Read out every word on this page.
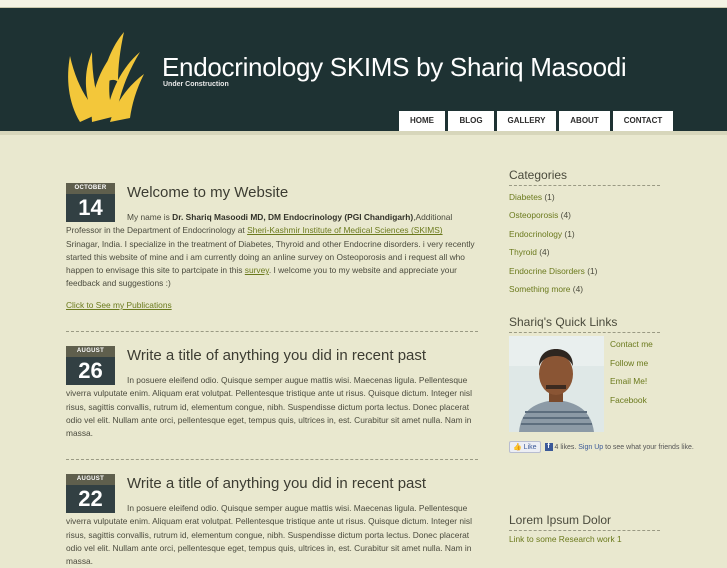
Endocrinology SKIMS by Shariq Masoodi
Under Construction
HOME	BLOG	GALLERY	ABOUT	CONTACT
OCTOBER
14
Welcome to my Website
My name is Dr. Shariq Masoodi MD, DM Endocrinology (PGI Chandigarh),Additional Professor in the Department of Endocrinology at Sheri-Kashmir Institute of Medical Sciences (SKIMS) Srinagar, India. I specialize in the treatment of Diabetes, Thyroid and other Endocrine disorders. i very recently started this website of mine and i am currently doing an anline survey on Osteoporosis and i request all who happen to envisage this site to partcipate in this survey. I welcome you to my website and appreciate your feedback and suggestions :)
Click to See my Publications
AUGUST
26
Write a title of anything you did in recent past
In posuere eleifend odio. Quisque semper augue mattis wisi. Maecenas ligula. Pellentesque viverra vulputate enim. Aliquam erat volutpat. Pellentesque tristique ante ut risus. Quisque dictum. Integer nisl risus, sagittis convallis, rutrum id, elementum congue, nibh. Suspendisse dictum porta lectus. Donec placerat odio vel elit. Nullam ante orci, pellentesque eget, tempus quis, ultrices in, est. Curabitur sit amet nulla. Nam in massa.
AUGUST
22
Write a title of anything you did in recent past
In posuere eleifend odio. Quisque semper augue mattis wisi. Maecenas ligula. Pellentesque viverra vulputate enim. Aliquam erat volutpat. Pellentesque tristique ante ut risus. Quisque dictum. Integer nisl risus, sagittis convallis, rutrum id, elementum congue, nibh. Suspendisse dictum porta lectus. Donec placerat odio vel elit. Nullam ante orci, pellentesque eget, tempus quis, ultrices in, est. Curabitur sit amet nulla. Nam in massa.
Categories
Diabetes (1)
Osteoporosis (4)
Endocrinology (1)
Thyroid (4)
Endocrine Disorders (1)
Something more (4)
Shariq's Quick Links
Contact me
Follow me
Email Me!
Facebook
👍 Like f 4 likes. Sign Up to see what your friends like.
Lorem Ipsum Dolor
Link to some Research work 1
